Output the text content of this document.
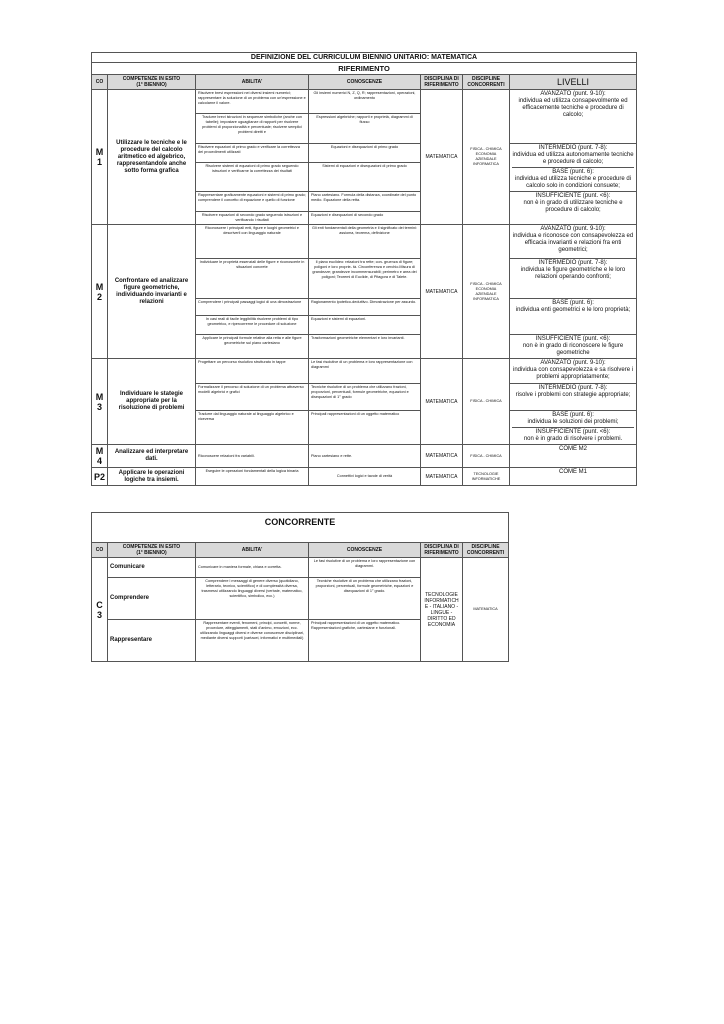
DEFINIZIONE DEL CURRICULUM BIENNIO UNITARIO: MATEMATICA						
RIFERIMENTO						
CO	COMPETENZE IN ESITO
(1° BIENNIO)	ABILITA'	CONOSCENZE	DISCIPLINA DI RIFERIMENTO	DISCIPLINE CONCORRENTI	LIVELLI
M1	Utilizzare le tecniche e le procedure del calcolo aritmetico ed algebrico, rappresentandole anche sotto forma grafica	Risolvere brevi espressioni nei diversi insiemi numerici; rappresentare la soluzione di un problema con un'espressione e calcolarne il valore.	Gli insiemi numerici N, Z, Q, R; rappresentazioni, operazioni, ordinamento	MATEMATICA	FISICA - CHIMICA ECONOMIA AZIENDALE INFORMATICA	AVANZATO (punt. 9-10):
individua ed utilizza consapevolmente ed efficacemente tecniche e procedure di calcolo;
		Tradurre brevi istruzioni in sequenze simboliche (anche con tabelle); impostare uguaglianze di rapporti per risolvere problemi di proporzionalità e percentuale; risolvere semplici problemi diretti e	Espressioni algebriche; rapporti e proprietà, diagrammi di flusso			
		Risolvere equazioni di primo grado e verificare la correttezza dei procedimenti utilizzati	Equazioni e disequazioni di primo grado			INTERMEDIO (punt. 7-8):
individua ed utilizza autonomamente tecniche e procedure di calcolo;
BASE (punt. 6):
individua ed utilizza tecniche e procedure di calcolo solo in condizioni consuete;

		Risolvere sistemi di equazioni di primo grado seguendo istruzioni e verificarne la correttezza dei risultati	Sistemi di equazioni e disequazioni di primo grado			
		Rappresentare graficamente equazioni e sistemi di primo grado; comprendere il concetto di equazione e quello di funzione	Piano cartesiano. Formula della distanza, coordinate del punto medio. Equazione della retta.			INSUFFICIENTE (punt. <6):
non è in grado di utilizzare tecniche e procedure di calcolo;
		Risolvere equazioni di secondo grado seguendo istruzioni e verificando i risultati	Equazioni e disequazioni di secondo grado			
M2	Confrontare ed analizzare figure geometriche, individuando invarianti e relazioni	Riconoscere i principali enti, figure e luoghi geometrici e descriverli con linguaggio naturale	Gli enti fondamentali della geometria e il significato dei termini: assioma, teorema, definizione	MATEMATICA	FISICA - CHIMICA ECONOMIA AZIENDALE INFORMATICA	AVANZATO (punt. 9-10):
individua e riconosce con consapevolezza ed efficacia invarianti e relazioni fra enti geometrici;
		Individuare le proprietà essenziali delle figure e riconoscerle in situazioni concrete	Il piano euclideo: relazioni tra rette; con- gruenza di figure; poligoni e loro proprie- tà. Circonferenza e cerchio.Misura di grandezze; grandezze incommensurabili; perimetro e area dei poligoni; Teoremi di Euclide, di Pitagora e di Talete.			INTERMEDIO (punt. 7-8):
individua le figure geometriche e le loro relazioni operando confronti;
		Comprendere i principali passaggi logici di una dimostrazione	Ragionamento ipotetico-deduttivo. Dimostrazione per assurdo.			BASE (punt. 6):
individua enti geometrici e le loro proprietà;
		In casi reali di facile leggibilità risolvere problemi di tipo geometrico, e ripercorrerne le procedure di soluzione	Equazioni e sistemi di equazioni.			
		Applicare le principali formule relative alla retta e alle figure geometriche sul piano cartesiano	Trasformazioni geometriche elementari e loro invarianti.			INSUFFICIENTE (punt. <6):
non è in grado di riconoscere le figure geometriche
M3	Individuare le stategie appropriate per la risoluzione di problemi	Progettare un percorso risolutivo strutturato in tappe	Le fasi risolutive di un problema e loro rappresentazione con diagrammi	MATEMATICA	FISICA - CHIMICA	AVANZATO (punt. 9-10):
individua con consapevolezza e sa risolvere i problemi appropriatamente;
		Formalizzare il percorso di soluzione di un problema attraverso modelli algebrici e grafici	Tecniche risolutive di un problema che utilizzano frazioni, proporzioni, percentuali, formule geometriche, equazioni e disequazioni di 1° grado			INTERMEDIO (punt. 7-8):
risolve i problemi con strategie appropriate;
		Tradurre dal linguaggio naturale al linguaggio algebrico e viceversa	Principali rappresentazioni di un oggetto matematico			BASE (punt. 6):
individua le soluzioni dei problemi;
INSUFFICIENTE (punt. <6):
non è in grado di risolvere i problemi.

M4	Analizzare ed interpretare dati.	Riconoscere relazioni fra variabili.	Piano cartesiano e rette.	MATEMATICA	FISICA - CHIMICA	COME M2
P2	Applicare le operazioni logiche tra insiemi.	Eseguire le operazioni fondamentali della logica binaria	Connettivi logici e tavole di verità	MATEMATICA	TECNOLOGIE INFORMATICHE	COME M1
CONCORRENTE					
CO	COMPETENZE IN ESITO
(1° BIENNIO)	ABILITA'	CONOSCENZE	DISCIPLINA DI RIFERIMENTO	DISCIPLINE CONCORRENTI
C3	Comunicare	Comunicare in maniera formale, chiara e corretta.	Le fasi risolutive di un problema e loro rappresentazione con diagrammi.	TECNOLOGIE INFORMATICHE - ITALIANO - LINGUE - DIRITTO ED ECONOMIA	MATEMATICA
	Comprendere	Comprendere i messaggi di genere diverso (quotidiano, letterario, tecnico, scientifico) e di complessità diversa, trasmessi utilizzando linguaggi diversi (verbale, matematico, scientifico, simbolico, ecc.)	Tecniche risolutive di un problema che utilizzano frazioni, proporzioni, percentuali, formule geometriche, equazioni e disequazioni di 1° grado.		
	Rappresentare	Rappresentare eventi, fenomeni, principi, concetti, norme, procedure, atteggiamenti, stati d'animo, emozioni, ecc. utilizzando linguaggi diversi e diverse conoscenze disciplinari, mediante diversi supporti (cartacei, informatici e multimediali)	Principali rappresentazioni di un oggetto matematico. Rappresentazioni grafiche, cartesiane e funzionali.		
